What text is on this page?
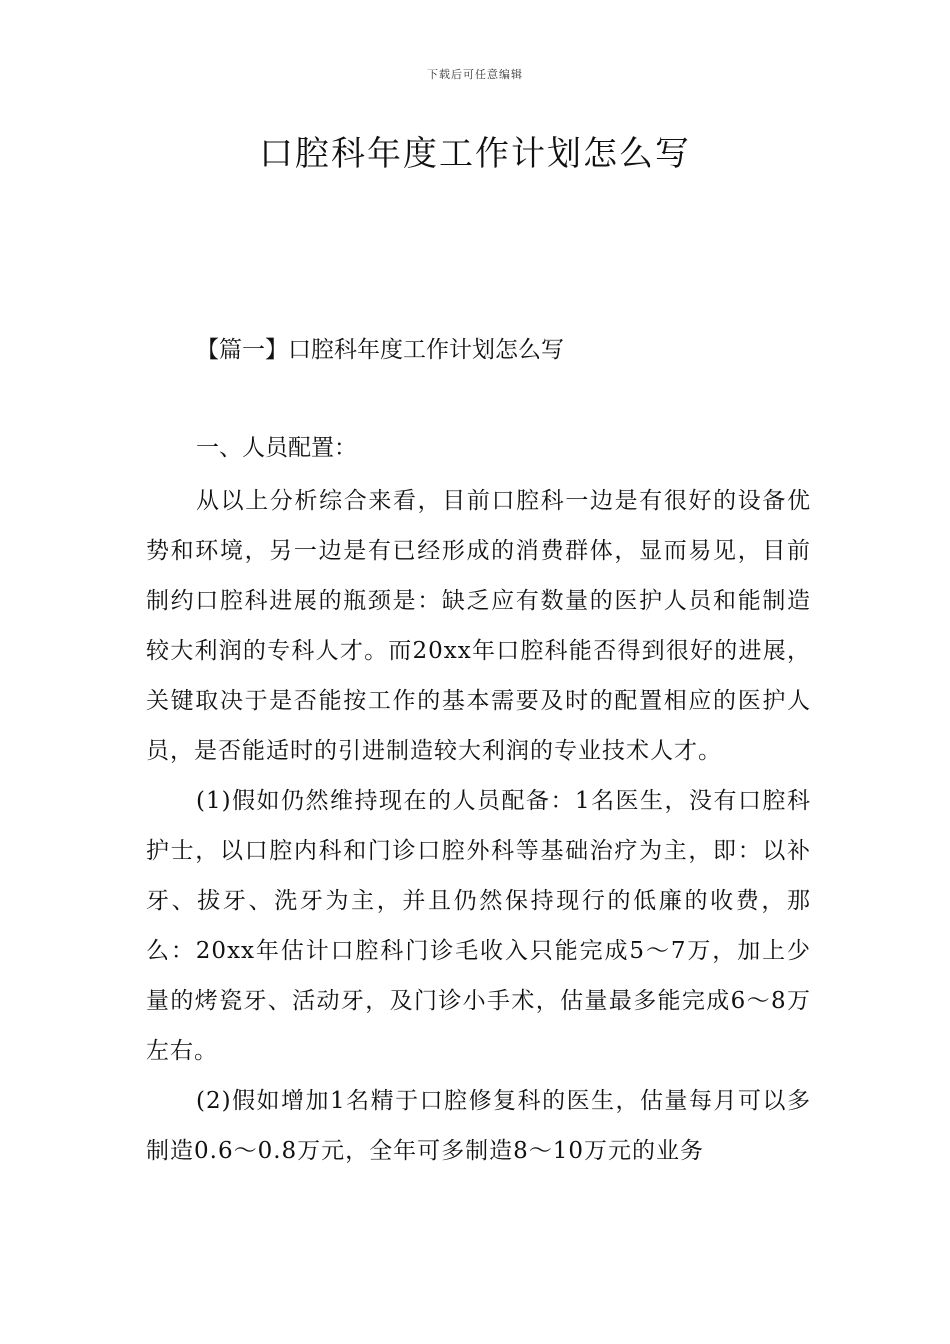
下载后可任意编辑
口腔科年度工作计划怎么写
【篇一】口腔科年度工作计划怎么写
一、人员配置：

从以上分析综合来看，目前口腔科一边是有很好的设备优势和环境，另一边是有已经形成的消费群体，显而易见，目前制约口腔科进展的瓶颈是：缺乏应有数量的医护人员和能制造较大利润的专科人才。而20xx年口腔科能否得到很好的进展，关键取决于是否能按工作的基本需要及时的配置相应的医护人员，是否能适时的引进制造较大利润的专业技术人才。

(1)假如仍然维持现在的人员配备：1名医生，没有口腔科护士，以口腔内科和门诊口腔外科等基础治疗为主，即：以补牙、拔牙、洗牙为主，并且仍然保持现行的低廉的收费，那么：20xx年估计口腔科门诊毛收入只能完成5～7万，加上少量的烤瓷牙、活动牙，及门诊小手术，估量最多能完成6～8万左右。

(2)假如增加1名精于口腔修复科的医生，估量每月可以多制造0.6～0.8万元，全年可多制造8～10万元的业务
